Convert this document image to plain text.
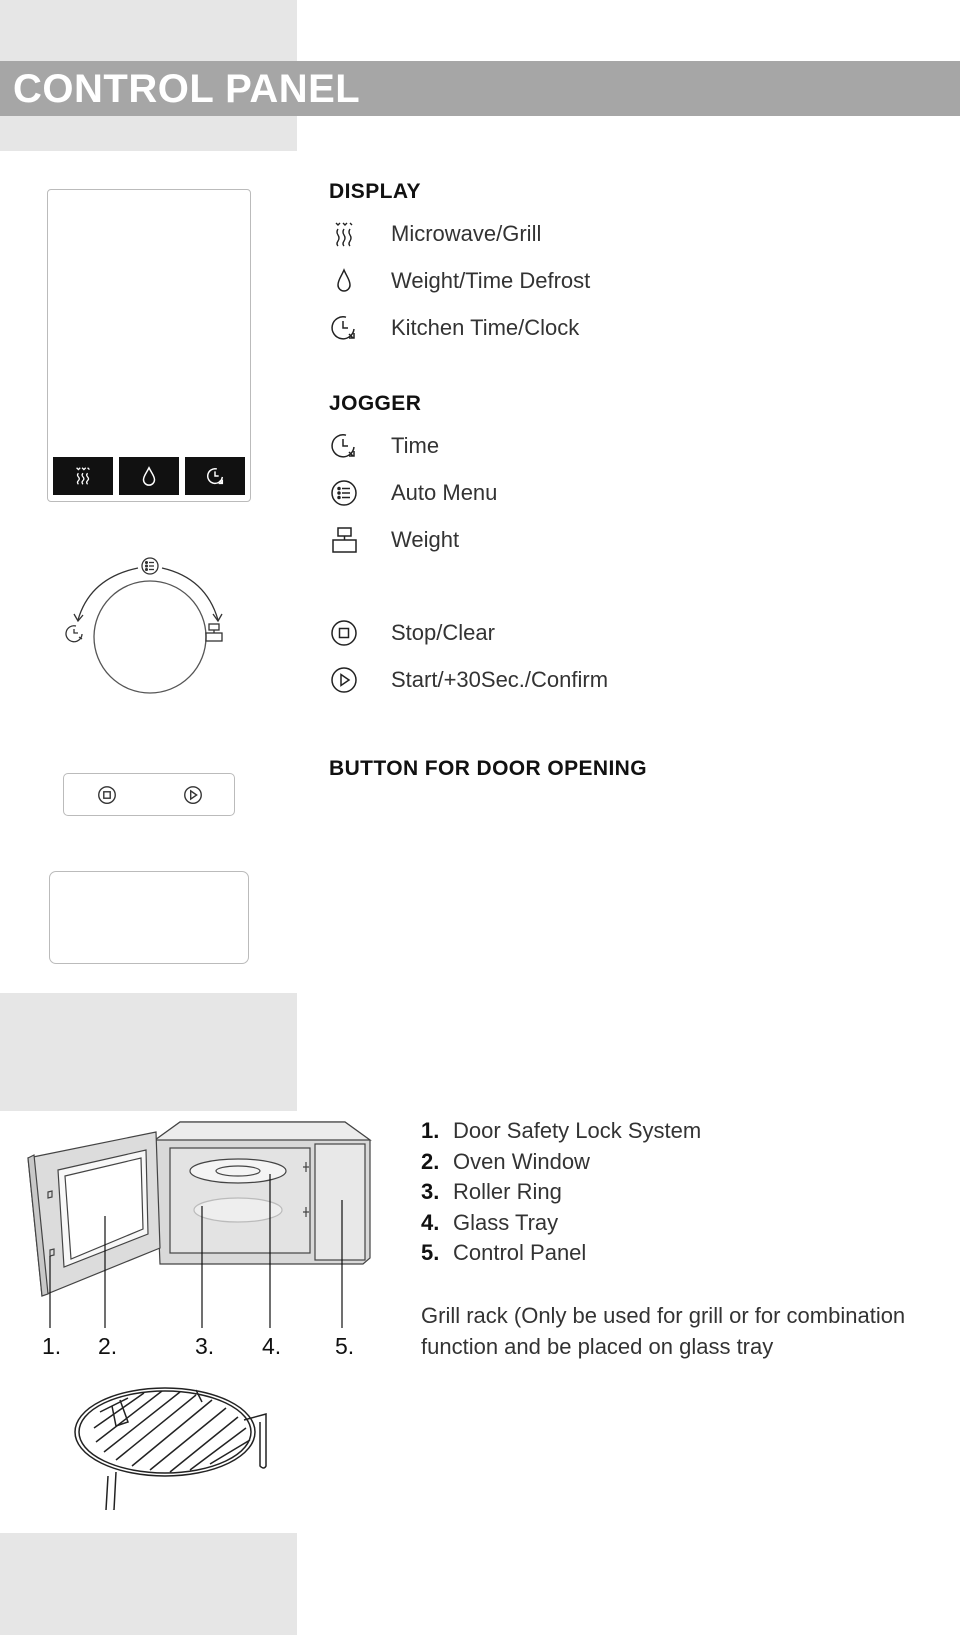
CONTROL PANEL
DISPLAY
Microwave/Grill
Weight/Time Defrost
Kitchen Time/Clock
JOGGER
Time
Auto Menu
Weight
Stop/Clear
Start/+30Sec./Confirm
BUTTON FOR DOOR OPENING
1. 2.	3. 4. 5.
1. Door Safety Lock System
2. Oven Window
3. Roller Ring
4. Glass Tray
5. Control Panel
Grill rack (Only be used for grill or for combination function and be placed on glass tray
